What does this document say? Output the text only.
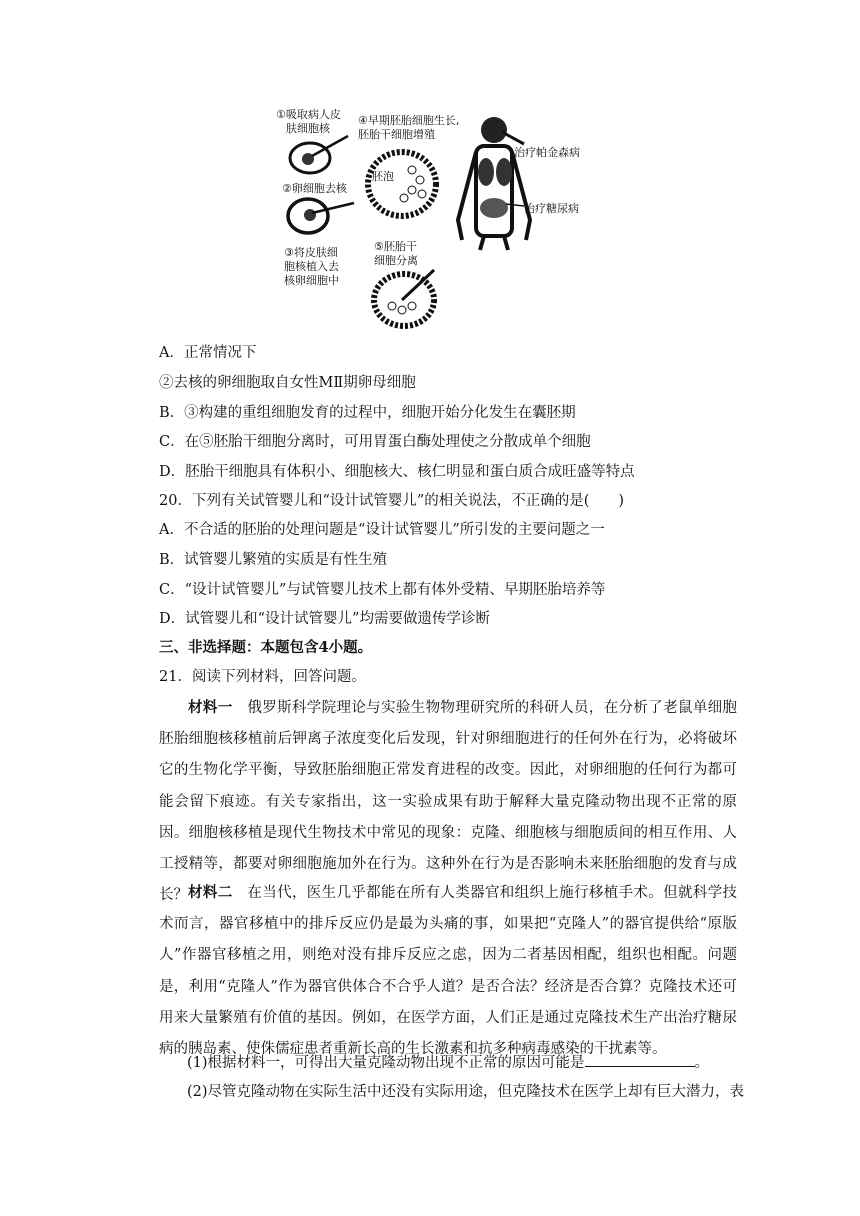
①吸取病人皮
肤细胞核
②卵细胞去核
③将皮肤细
胞核植入去
核卵细胞中
④早期胚胎细胞生长,
胚胎干细胞增殖
胚泡
⑤胚胎干
细胞分离
治疗帕金森病
治疗糖尿病
A．正常情况下
②去核的卵细胞取自女性MⅡ期卵母细胞
B．③构建的重组细胞发育的过程中，细胞开始分化发生在囊胚期
C．在⑤胚胎干细胞分离时，可用胃蛋白酶处理使之分散成单个细胞
D．胚胎干细胞具有体积小、细胞核大、核仁明显和蛋白质合成旺盛等特点
20．下列有关试管婴儿和“设计试管婴儿”的相关说法，不正确的是(　　)
A．不合适的胚胎的处理问题是“设计试管婴儿”所引发的主要问题之一
B．试管婴儿繁殖的实质是有性生殖
C．“设计试管婴儿”与试管婴儿技术上都有体外受精、早期胚胎培养等
D．试管婴儿和“设计试管婴儿”均需要做遗传学诊断
三、非选择题：本题包含4小题。
21．阅读下列材料，回答问题。
材料一　 俄罗斯科学院理论与实验生物物理研究所的科研人员，在分析了老鼠单细胞胚胎细胞核移植前后钾离子浓度变化后发现，针对卵细胞进行的任何外在行为，必将破坏它的生物化学平衡，导致胚胎细胞正常发育进程的改变。因此，对卵细胞的任何行为都可能会留下痕迹。有关专家指出，这一实验成果有助于解释大量克隆动物出现不正常的原因。细胞核移植是现代生物技术中常见的现象：克隆、细胞核与细胞质间的相互作用、人工授精等，都要对卵细胞施加外在行为。这种外在行为是否影响未来胚胎细胞的发育与成长？ 材料二　 在当代，医生几乎都能在所有人类器官和组织上施行移植手术。但就科学技术而言，器官移植中的排斥反应仍是最为头痛的事，如果把“克隆人”的器官提供给“原版人”作器官移植之用，则绝对没有排斥反应之虑，因为二者基因相配，组织也相配。问题是，利用“克隆人”作为器官供体合不合乎人道？是否合法？经济是否合算？克隆技术还可用来大量繁殖有价值的基因。例如，在医学方面，人们正是通过克隆技术生产出治疗糖尿病的胰岛素、使侏儒症患者重新长高的生长激素和抗多种病毒感染的干扰素等。
(1)根据材料一，可得出大量克隆动物出现不正常的原因可能是	。
(2)尽管克隆动物在实际生活中还没有实际用途，但克隆技术在医学上却有巨大潜力，表
